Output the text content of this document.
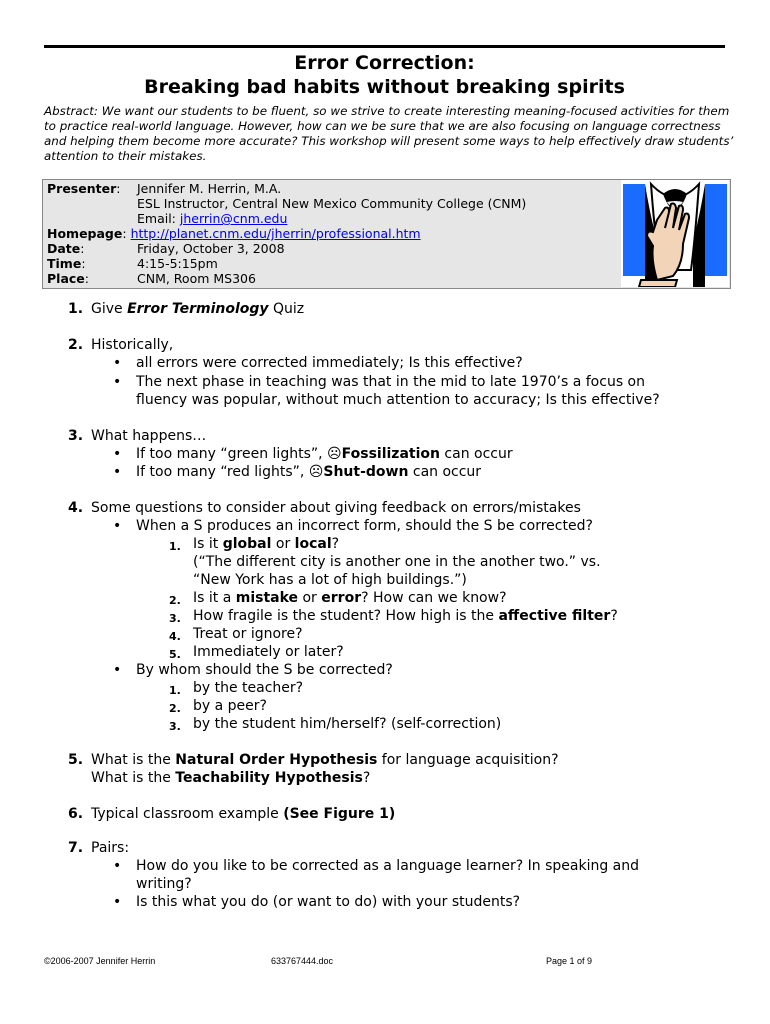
Error Correction:
Breaking bad habits without breaking spirits

Abstract: We want our students to be fluent, so we strive to create interesting meaning-focused activities for them to practice real-world language. However, how can we be sure that we are also focusing on language correctness and helping them become more accurate? This workshop will present some ways to help effectively draw students’ attention to their mistakes.

Presenter: Jennifer M. Herrin, M.A.
ESL Instructor, Central New Mexico Community College (CNM)
Email: jherrin@cnm.edu
Homepage: http://planet.cnm.edu/jherrin/professional.htm
Date:	Friday, October 3, 2008
Time:	4:15-5:15pm
Place:	CNM, Room MS306
1. Give Error Terminology Quiz
2. Historically,
• all errors were corrected immediately; Is this effective?
• The next phase in teaching was that in the mid to late 1970’s a focus on
fluency was popular, without much attention to accuracy; Is this effective?
3. What happens…
• If too many “green lights”, ☹Fossilization can occur
• If too many “red lights”, ☹Shut-down can occur
4. Some questions to consider about giving feedback on errors/mistakes
• When a S produces an incorrect form, should the S be corrected?
1. Is it global or local?
(“The different city is another one in the another two.” vs.
“New York has a lot of high buildings.”)
2. Is it a mistake or error? How can we know?
3. How fragile is the student? How high is the affective filter?
4. Treat or ignore?
5. Immediately or later?
• By whom should the S be corrected?
1. by the teacher?
2. by a peer?
3. by the student him/herself? (self-correction)
5. What is the Natural Order Hypothesis for language acquisition?
What is the Teachability Hypothesis?
6. Typical classroom example (See Figure 1)
7. Pairs:
• How do you like to be corrected as a language learner? In speaking and
writing?
• Is this what you do (or want to do) with your students?
©2006-2007 Jennifer Herrin	633767444.doc	Page 1 of 9
